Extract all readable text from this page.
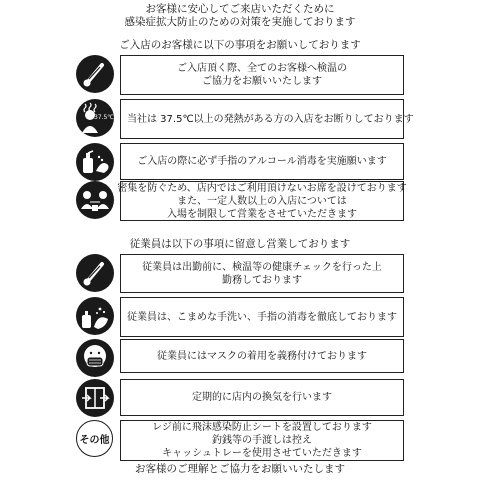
お客様に安心してご来店いただくために
感染症拡大防止のための対策を実施しております
ご入店のお客様に以下の事項をお願いしております
ご入店頂く際、全てのお客様へ検温の
ご協力をお願いいたします
37.5℃ 当社は 37.5℃以上の発熱がある方の入店をお断りしております
ご入店の際に必ず手指のアルコール消毒を実施願います
密集を防ぐため、店内ではご利用頂けないお席を設けております
また、一定人数以上の入店については
入場を制限して営業をさせていただきます
従業員は以下の事項に留意し営業しております
従業員は出勤前に、検温等の健康チェックを行った上
勤務しております
従業員は、こまめな手洗い、手指の消毒を徹底しております
従業員にはマスクの着用を義務付けております
定期的に店内の換気を行います
その他
レジ前に飛沫感染防止シートを設置しております
釣銭等の手渡しは控え
キャッシュトレーを使用させていただきます
お客様のご理解とご協力をお願いいたします
